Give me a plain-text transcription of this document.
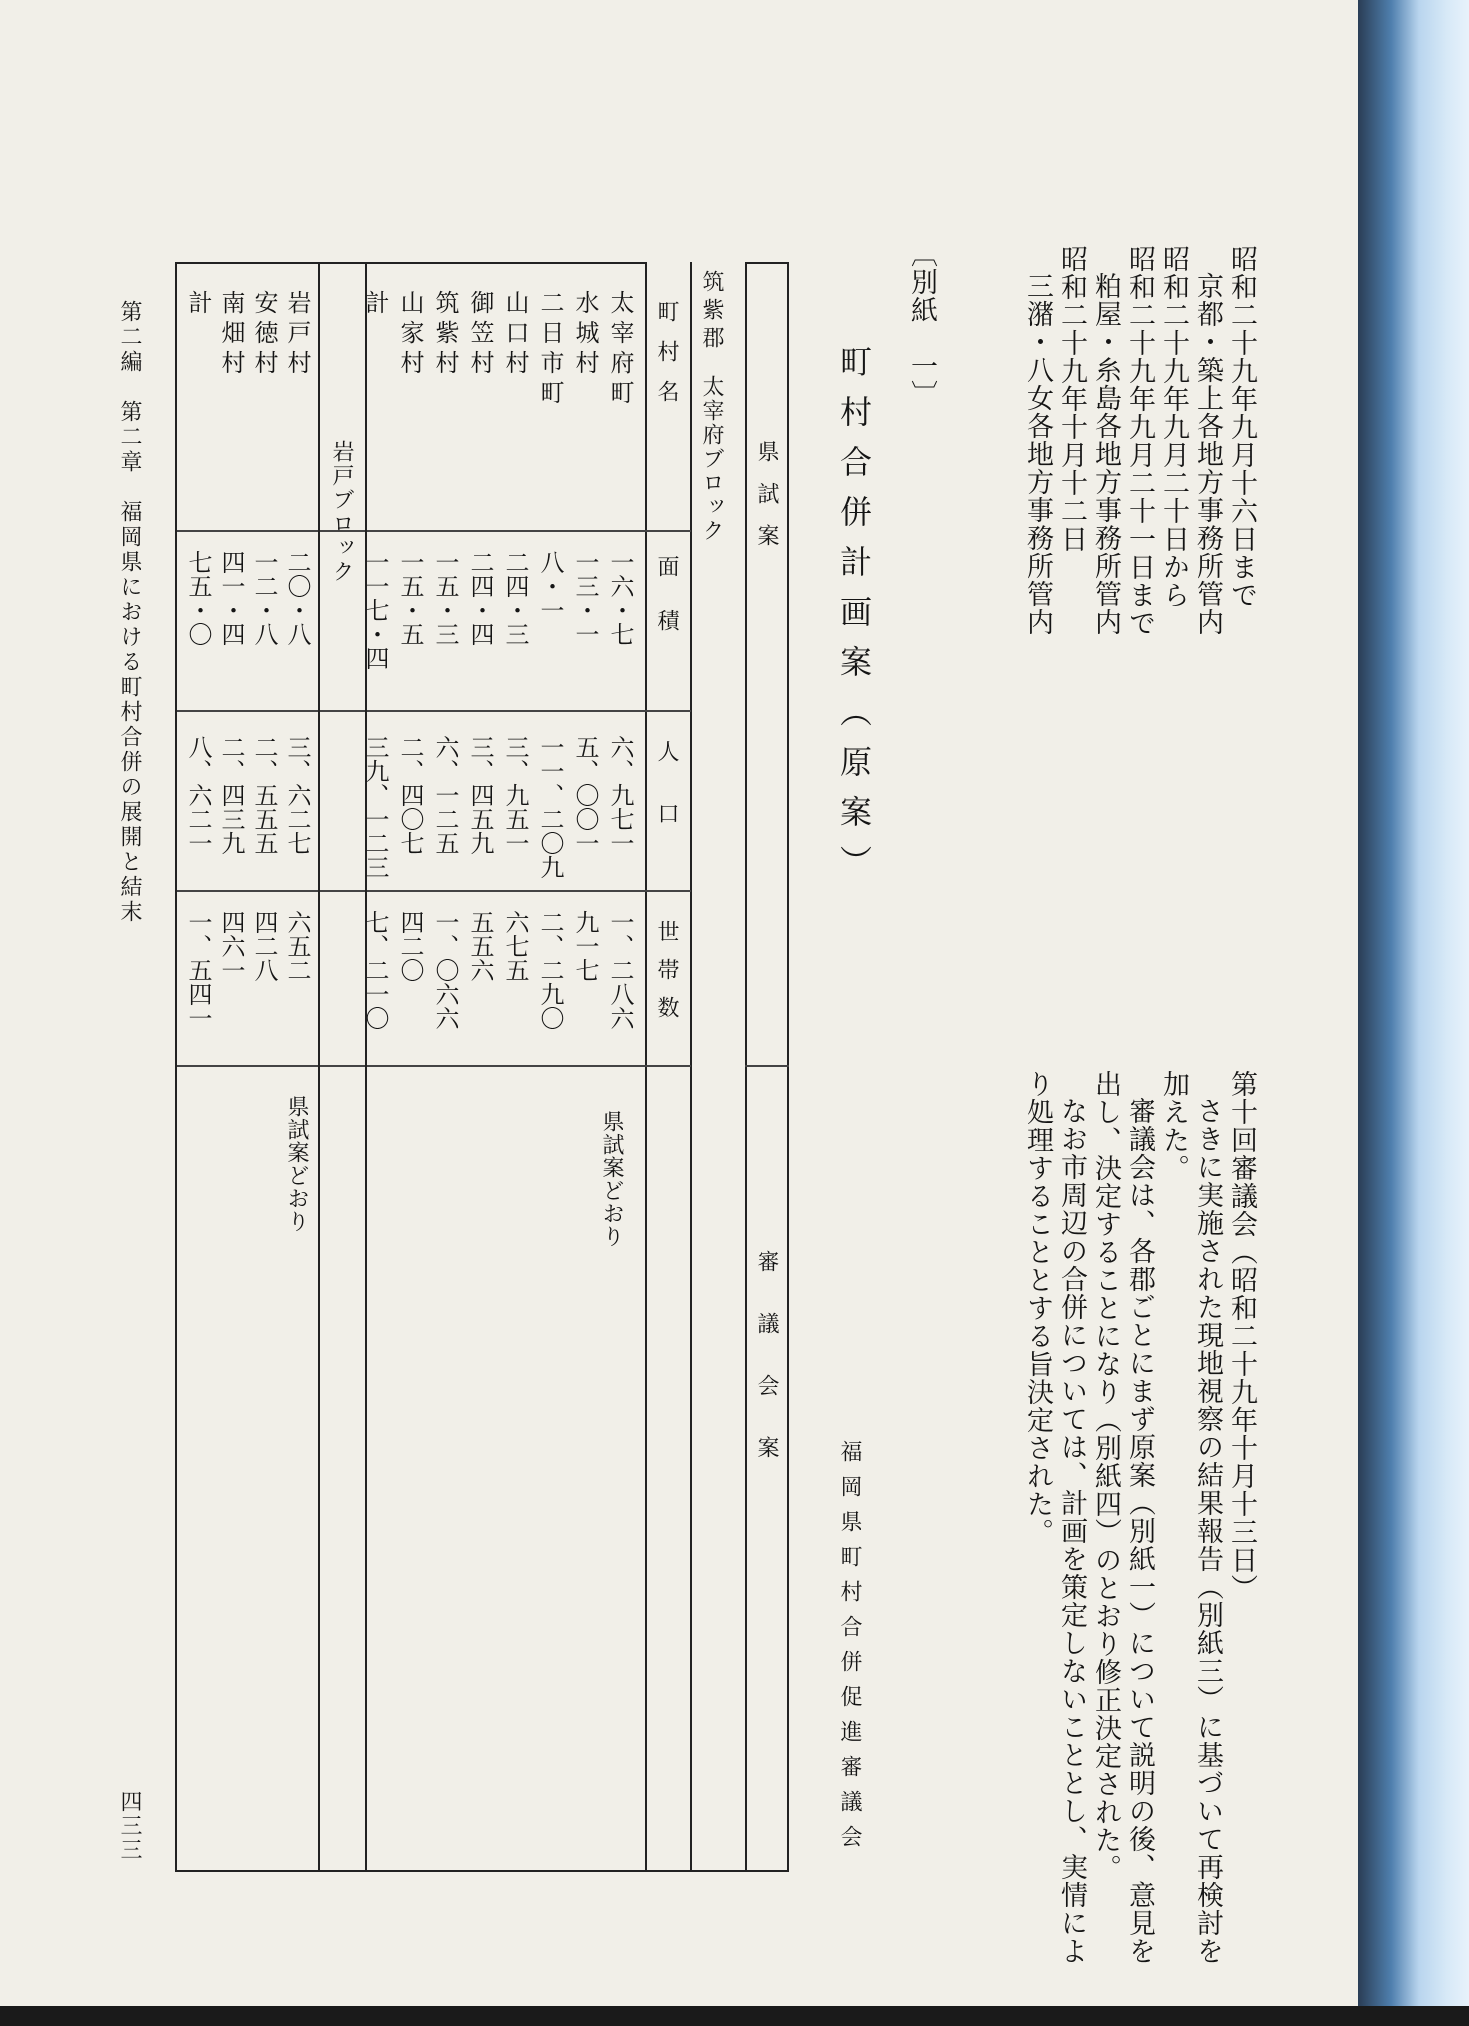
昭和二十九年九月十六日まで
京都・築上各地方事務所管内
昭和二十九年九月二十日から
昭和二十九年九月二十一日まで
粕屋・糸島各地方事務所管内
昭和二十九年十月十二日
三潴・八女各地方事務所管内
第十回審議会（昭和二十九年十月十三日）
さきに実施された現地視察の結果報告（別紙三）に基づいて再検討を
加えた。
審議会は、各郡ごとにまず原案（別紙一）について説明の後、意見を
出し、決定することになり（別紙四）のとおり修正決定された。
なお市周辺の合併については、計画を策定しないこととし、実情によ
り処理することとする旨決定された。
〔別紙　一〕
町村合併計画案（原案）
福岡県町村合併促進審議会
県試案
審議会案
筑紫郡
太宰府ブロック
町村名
面積
人口
世帯数
太宰府町
一六・七
六、九七一
一、二八六
水城村
一三・一
五、〇〇一
九一七
二日市町
八・一
一一、二〇九
二、二九〇
山口村
二四・三
三、九五一
六七五
御笠村
二四・四
三、四五九
五五六
筑紫村
一五・三
六、一二五
一、〇六六
山家村
一五・五
二、四〇七
四二〇
計
一一七・四
三九、一二三
七、二一〇
県試案どおり
岩戸ブロック
岩戸村
二〇・八
三、六二七
六五二
安徳村
一二・八
二、五五五
四二八
南畑村
四一・四
二、四三九
四六一
計
七五・〇
八、六二一
一、五四一
県試案どおり
第二編　第二章　福岡県における町村合併の展開と結末
四三三
